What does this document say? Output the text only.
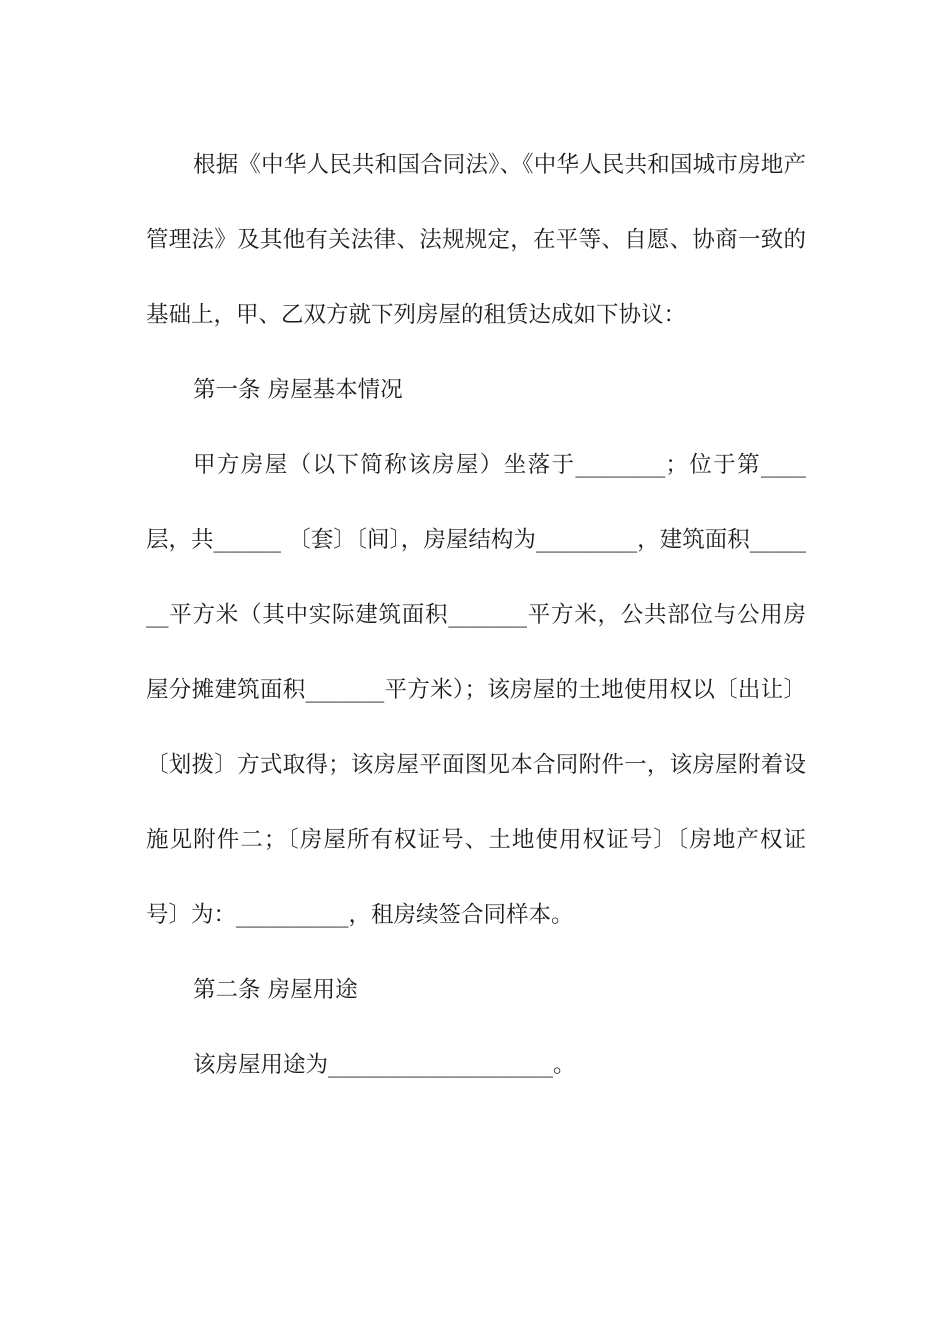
根据《中华人民共和国合同法》、《中华人民共和国城市房地产管理法》及其他有关法律、法规规定，在平等、自愿、协商一致的基础上，甲、乙双方就下列房屋的租赁达成如下协议：

第一条 房屋基本情况

甲方房屋（以下简称该房屋）坐落于________；位于第____层，共______ 〔套〕〔间〕，房屋结构为_________，建筑面积_______平方米（其中实际建筑面积_______平方米，公共部位与公用房屋分摊建筑面积_______平方米）；该房屋的土地使用权以〔出让〕〔划拨〕方式取得；该房屋平面图见本合同附件一，该房屋附着设施见附件二；〔房屋所有权证号、土地使用权证号〕〔房地产权证号〕为：__________，租房续签合同样本。

第二条 房屋用途

该房屋用途为____________________。
